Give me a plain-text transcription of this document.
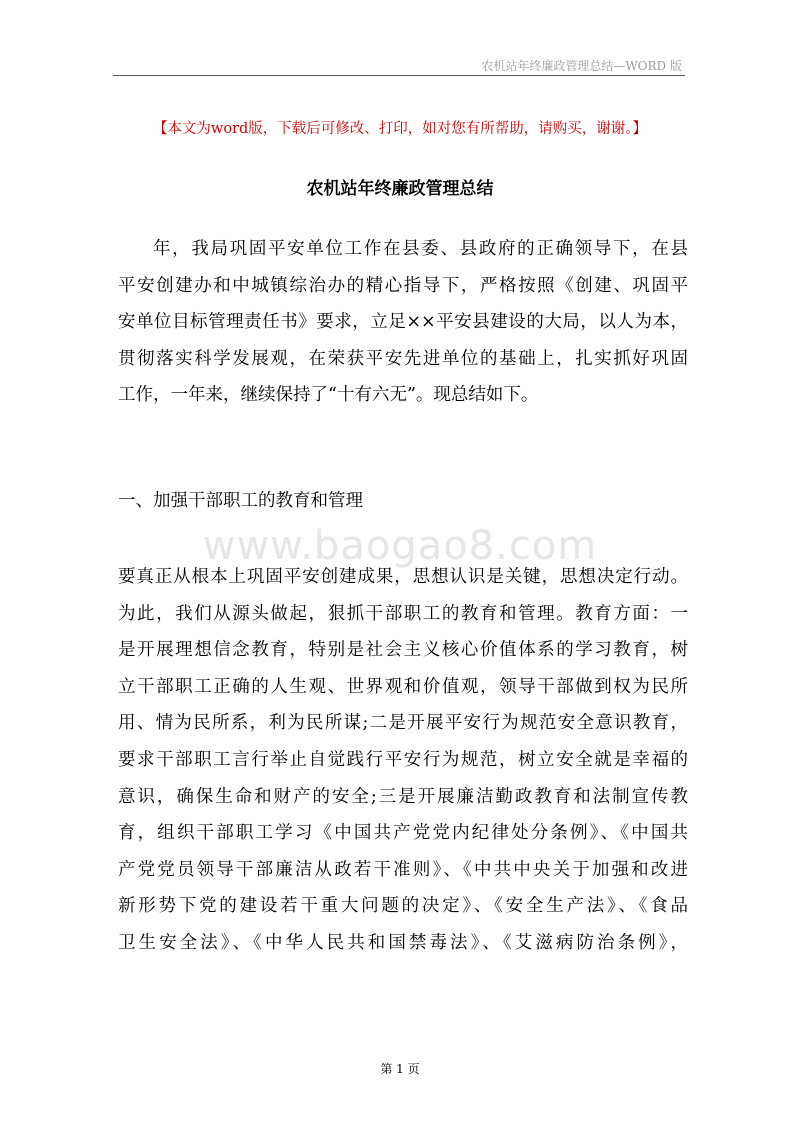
农机站年终廉政管理总结—WORD 版
【本文为word版，下载后可修改、打印，如对您有所帮助，请购买，谢谢。】
农机站年终廉政管理总结
年，我局巩固平安单位工作在县委、县政府的正确领导下，在县
平安创建办和中城镇综治办的精心指导下，严格按照《创建、巩固平
安单位目标管理责任书》要求，立足××平安县建设的大局，以人为本，
贯彻落实科学发展观，在荣获平安先进单位的基础上，扎实抓好巩固
工作，一年来，继续保持了“十有六无”。现总结如下。
一、加强干部职工的教育和管理
www.baogao8.com
要真正从根本上巩固平安创建成果，思想认识是关键，思想决定行动。
为此，我们从源头做起，狠抓干部职工的教育和管理。教育方面：一
是开展理想信念教育，特别是社会主义核心价值体系的学习教育，树
立干部职工正确的人生观、世界观和价值观，领导干部做到权为民所
用、情为民所系，利为民所谋;二是开展平安行为规范安全意识教育，
要求干部职工言行举止自觉践行平安行为规范，树立安全就是幸福的
意识，确保生命和财产的安全;三是开展廉洁勤政教育和法制宣传教
育，组织干部职工学习《中国共产党党内纪律处分条例》、《中国共
产党党员领导干部廉洁从政若干准则》、《中共中央关于加强和改进
新形势下党的建设若干重大问题的决定》、《安全生产法》、《食品
卫生安全法》、《中华人民共和国禁毒法》、《艾滋病防治条例》，
第 1 页
